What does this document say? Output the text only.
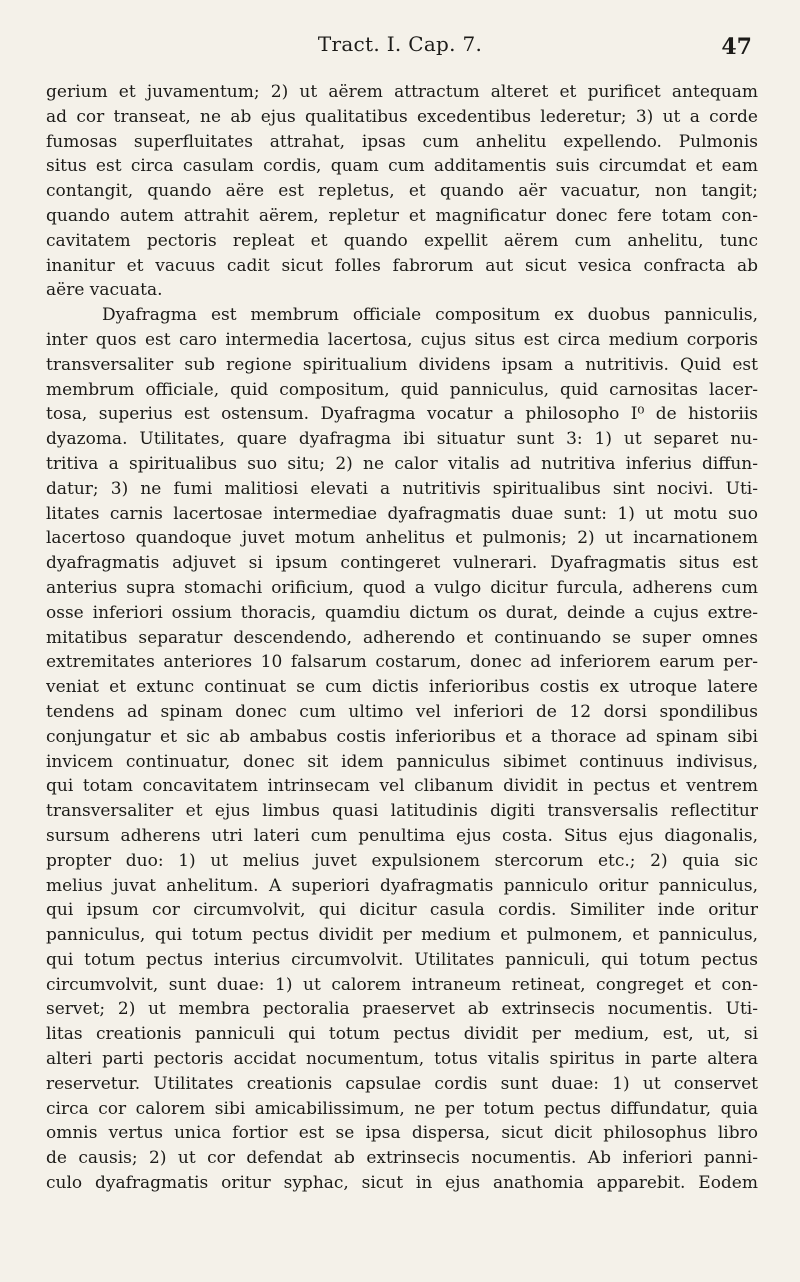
Tract. I. Cap. 7.	47
gerium et juvamentum; 2) ut aërem attractum alteret et purificet antequam
ad cor transeat, ne ab ejus qualitatibus excedentibus lederetur; 3) ut a corde
fumosas superfluitates attrahat, ipsas cum anhelitu expellendo. Pulmonis
situs est circa casulam cordis, quam cum additamentis suis circumdat et eam
contangit, quando aëre est repletus, et quando aër vacuatur, non tangit;
quando autem attrahit aërem, repletur et magnificatur donec fere totam con-
cavitatem pectoris repleat et quando expellit aërem cum anhelitu, tunc
inanitur et vacuus cadit sicut folles fabrorum aut sicut vesica confracta ab
aëre vacuata.
Dyafragma est membrum officiale compositum ex duobus panniculis,
inter quos est caro intermedia lacertosa, cujus situs est circa medium corporis
transversaliter sub regione spiritualium dividens ipsam a nutritivis. Quid est
membrum officiale, quid compositum, quid panniculus, quid carnositas lacer-
tosa, superius est ostensum. Dyafragma vocatur a philosopho I⁰ de historiis
dyazoma. Utilitates, quare dyafragma ibi situatur sunt 3: 1) ut separet nu-
tritiva a spiritualibus suo situ; 2) ne calor vitalis ad nutritiva inferius diffun-
datur; 3) ne fumi malitiosi elevati a nutritivis spiritualibus sint nocivi. Uti-
litates carnis lacertosae intermediae dyafragmatis duae sunt: 1) ut motu suo
lacertoso quandoque juvet motum anhelitus et pulmonis; 2) ut incarnationem
dyafragmatis adjuvet si ipsum contingeret vulnerari. Dyafragmatis situs est
anterius supra stomachi orificium, quod a vulgo dicitur furcula, adherens cum
osse inferiori ossium thoracis, quamdiu dictum os durat, deinde a cujus extre-
mitatibus separatur descendendo, adherendo et continuando se super omnes
extremitates anteriores 10 falsarum costarum, donec ad inferiorem earum per-
veniat et extunc continuat se cum dictis inferioribus costis ex utroque latere
tendens ad spinam donec cum ultimo vel inferiori de 12 dorsi spondilibus
conjungatur et sic ab ambabus costis inferioribus et a thorace ad spinam sibi
invicem continuatur, donec sit idem panniculus sibimet continuus indivisus,
qui totam concavitatem intrinsecam vel clibanum dividit in pectus et ventrem
transversaliter et ejus limbus quasi latitudinis digiti transversalis reflectitur
sursum adherens utri lateri cum penultima ejus costa. Situs ejus diagonalis,
propter duo: 1) ut melius juvet expulsionem stercorum etc.; 2) quia sic
melius juvat anhelitum. A superiori dyafragmatis panniculo oritur panniculus,
qui ipsum cor circumvolvit, qui dicitur casula cordis. Similiter inde oritur
panniculus, qui totum pectus dividit per medium et pulmonem, et panniculus,
qui totum pectus interius circumvolvit. Utilitates panniculi, qui totum pectus
circumvolvit, sunt duae: 1) ut calorem intraneum retineat, congreget et con-
servet; 2) ut membra pectoralia praeservet ab extrinsecis nocumentis. Uti-
litas creationis panniculi qui totum pectus dividit per medium, est, ut, si
alteri parti pectoris accidat nocumentum, totus vitalis spiritus in parte altera
reservetur. Utilitates creationis capsulae cordis sunt duae: 1) ut conservet
circa cor calorem sibi amicabilissimum, ne per totum pectus diffundatur, quia
omnis vertus unica fortior est se ipsa dispersa, sicut dicit philosophus libro
de causis; 2) ut cor defendat ab extrinsecis nocumentis. Ab inferiori panni-
culo dyafragmatis oritur syphac, sicut in ejus anathomia apparebit. Eodem
